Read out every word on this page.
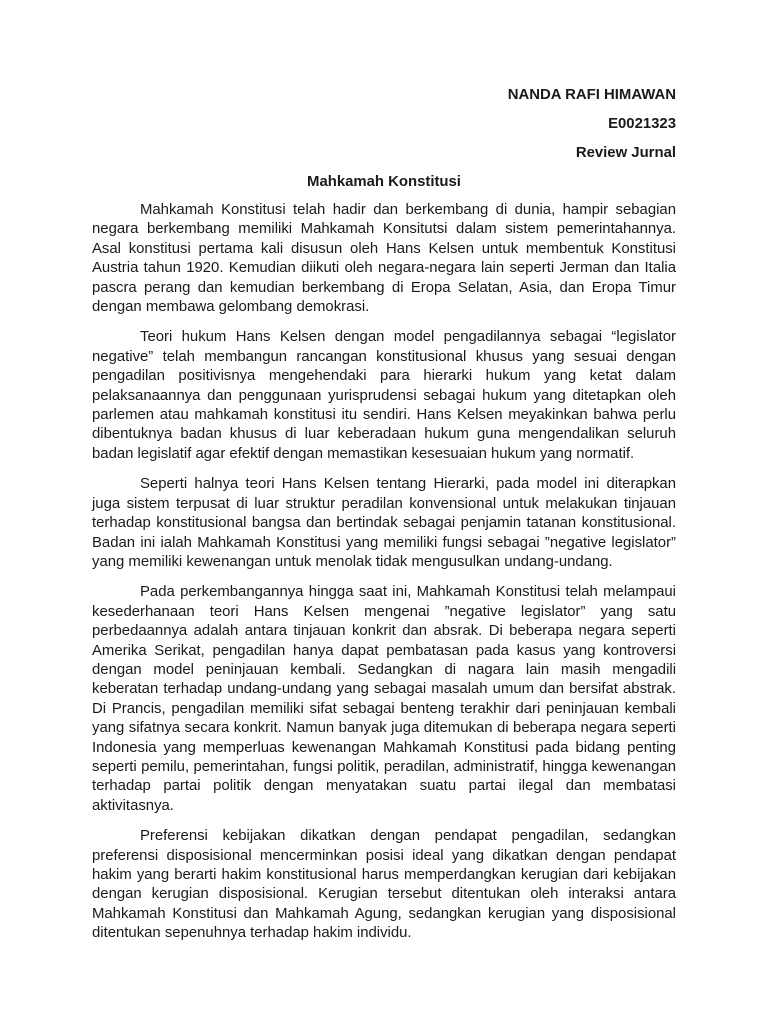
NANDA RAFI HIMAWAN

E0021323

Review Jurnal

Mahkamah Konstitusi

Mahkamah Konstitusi telah hadir dan berkembang di dunia, hampir sebagian negara berkembang memiliki Mahkamah Konsitutsi dalam sistem pemerintahannya. Asal konstitusi pertama kali disusun oleh Hans Kelsen untuk membentuk Konstitusi Austria tahun 1920. Kemudian diikuti oleh negara-negara lain seperti Jerman dan Italia pascra perang dan kemudian berkembang di Eropa Selatan, Asia, dan Eropa Timur dengan membawa gelombang demokrasi.

Teori hukum Hans Kelsen dengan model pengadilannya sebagai “legislator negative” telah membangun rancangan konstitusional khusus yang sesuai dengan pengadilan positivisnya mengehendaki para hierarki hukum yang ketat dalam pelaksanaannya dan penggunaan yurisprudensi sebagai hukum yang ditetapkan oleh parlemen atau mahkamah konstitusi itu sendiri. Hans Kelsen meyakinkan bahwa perlu dibentuknya badan khusus di luar keberadaan hukum guna mengendalikan seluruh badan legislatif agar efektif dengan memastikan kesesuaian hukum yang normatif.

Seperti halnya teori Hans Kelsen tentang Hierarki, pada model ini diterapkan juga sistem terpusat di luar struktur peradilan konvensional untuk melakukan tinjauan terhadap konstitusional bangsa dan bertindak sebagai penjamin tatanan konstitusional. Badan ini ialah Mahkamah Konstitusi yang memiliki fungsi sebagai ”negative legislator” yang memiliki kewenangan untuk menolak tidak mengusulkan undang-undang.

Pada perkembangannya hingga saat ini, Mahkamah Konstitusi telah melampaui kesederhanaan teori Hans Kelsen mengenai ”negative legislator” yang satu perbedaannya adalah antara tinjauan konkrit dan absrak. Di beberapa negara seperti Amerika Serikat, pengadilan hanya dapat pembatasan pada kasus yang kontroversi dengan model peninjauan kembali. Sedangkan di nagara lain masih mengadili keberatan terhadap undang-undang yang sebagai masalah umum dan bersifat abstrak. Di Prancis, pengadilan memiliki sifat sebagai benteng terakhir dari peninjauan kembali yang sifatnya secara konkrit. Namun banyak juga ditemukan di beberapa negara seperti Indonesia yang memperluas kewenangan Mahkamah Konstitusi pada bidang penting seperti pemilu, pemerintahan, fungsi politik, peradilan, administratif, hingga kewenangan terhadap partai politik dengan menyatakan suatu partai ilegal dan membatasi aktivitasnya.

Preferensi kebijakan dikatkan dengan pendapat pengadilan, sedangkan preferensi disposisional mencerminkan posisi ideal yang dikatkan dengan pendapat hakim yang berarti hakim konstitusional harus memperdangkan kerugian dari kebijakan dengan kerugian disposisional. Kerugian tersebut ditentukan oleh interaksi antara Mahkamah Konstitusi dan Mahkamah Agung, sedangkan kerugian yang disposisional ditentukan sepenuhnya terhadap hakim individu.
